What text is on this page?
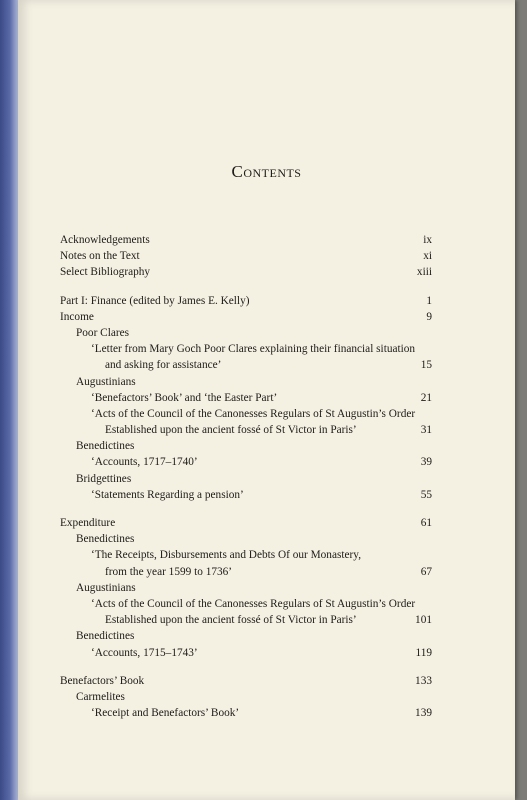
Contents
Acknowledgements	ix
Notes on the Text	xi
Select Bibliography	xiii
Part I: Finance (edited by James E. Kelly)	1
Income	9
Poor Clares
‘Letter from Mary Goch Poor Clares explaining their financial situation
and asking for assistance’	15
Augustinians
‘Benefactors’ Book’ and ‘the Easter Part’	21
‘Acts of the Council of the Canonesses Regulars of St Augustin’s Order
Established upon the ancient fossé of St Victor in Paris’	31
Benedictines
‘Accounts, 1717–1740’	39
Bridgettines
‘Statements Regarding a pension’	55
Expenditure	61
Benedictines
‘The Receipts, Disbursements and Debts Of our Monastery,
from the year 1599 to 1736’	67
Augustinians
‘Acts of the Council of the Canonesses Regulars of St Augustin’s Order
Established upon the ancient fossé of St Victor in Paris’	101
Benedictines
‘Accounts, 1715–1743’	119
Benefactors’ Book	133
Carmelites
‘Receipt and Benefactors’ Book’	139
